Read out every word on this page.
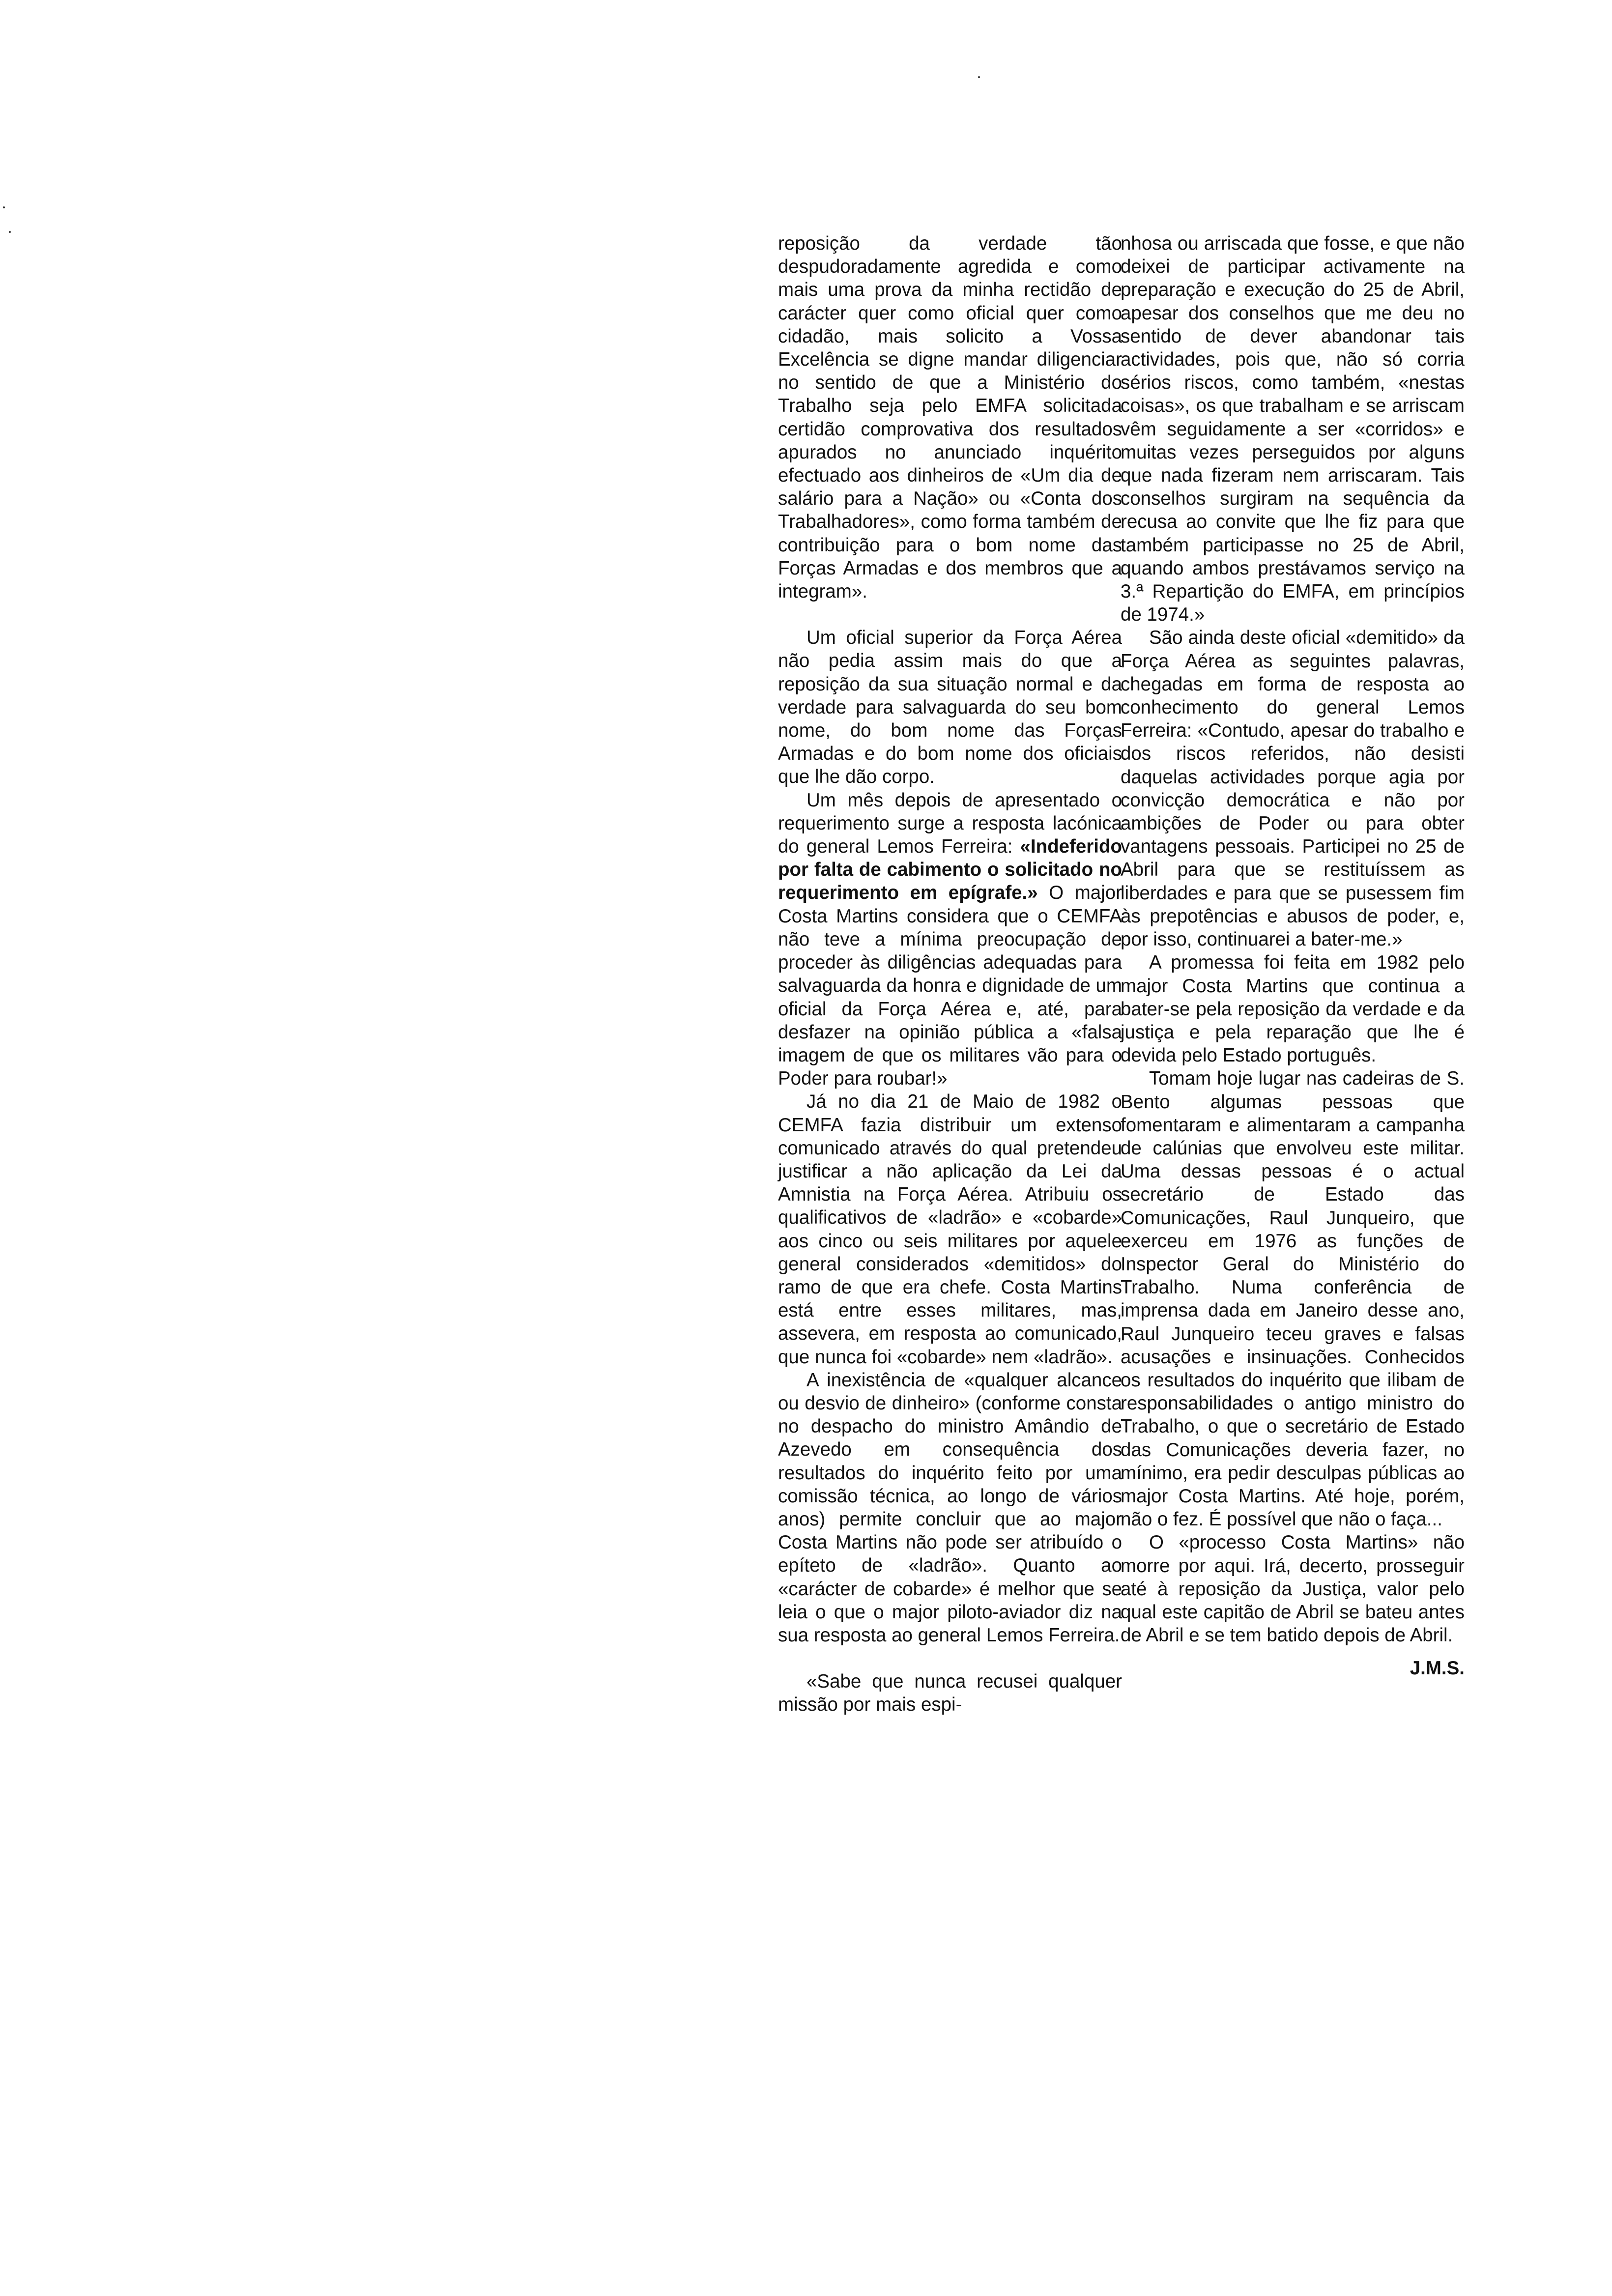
reposição da verdade tão despudoradamente agredida e como mais uma prova da minha rectidão de carácter quer como oficial quer como cidadão, mais solicito a Vossa Excelência se digne mandar diligenciar no sentido de que a Ministério do Trabalho seja pelo EMFA solicitada certidão comprovativa dos resultados apurados no anunciado inquérito efectuado aos dinheiros de «Um dia de salário para a Nação» ou «Conta dos Trabalhadores», como forma também de contribuição para o bom nome das Forças Armadas e dos membros que a integram».

Um oficial superior da Força Aérea não pedia assim mais do que a reposição da sua situação normal e da verdade para salvaguarda do seu bom nome, do bom nome das Forças Armadas e do bom nome dos oficiais que lhe dão corpo.

Um mês depois de apresentado o requerimento surge a resposta lacónica do general Lemos Ferreira: «Indeferido por falta de cabimento o solicitado no requerimento em epígrafe.» O major Costa Martins considera que o CEMFA não teve a mínima preocupação de proceder às diligências adequadas para salvaguarda da honra e dignidade de um oficial da Força Aérea e, até, para desfazer na opinião pública a «falsa imagem de que os militares vão para o Poder para roubar!»

Já no dia 21 de Maio de 1982 o CEMFA fazia distribuir um extenso comunicado através do qual pretendeu justificar a não aplicação da Lei da Amnistia na Força Aérea. Atribuiu os qualificativos de «ladrão» e «cobarde» aos cinco ou seis militares por aquele general considerados «demitidos» do ramo de que era chefe. Costa Martins está entre esses militares, mas, assevera, em resposta ao comunicado, que nunca foi «cobarde» nem «ladrão».

A inexistência de «qualquer alcance ou desvio de dinheiro» (conforme consta no despacho do ministro Amândio de Azevedo em consequência dos resultados do inquérito feito por uma comissão técnica, ao longo de vários anos) permite concluir que ao major Costa Martins não pode ser atribuído o epíteto de «ladrão». Quanto ao «carácter de cobarde» é melhor que se leia o que o major piloto-aviador diz na sua resposta ao general Lemos Ferreira.

«Sabe que nunca recusei qualquer missão por mais espi-

nhosa ou arriscada que fosse, e que não deixei de participar activamente na preparação e execução do 25 de Abril, apesar dos conselhos que me deu no sentido de dever abandonar tais actividades, pois que, não só corria sérios riscos, como também, «nestas coisas», os que trabalham e se arriscam vêm seguidamente a ser «corridos» e muitas vezes perseguidos por alguns que nada fizeram nem arriscaram. Tais conselhos surgiram na sequência da recusa ao convite que lhe fiz para que também participasse no 25 de Abril, quando ambos prestávamos serviço na 3.ª Repartição do EMFA, em princípios de 1974.»

São ainda deste oficial «demitido» da Força Aérea as seguintes palavras, chegadas em forma de resposta ao conhecimento do general Lemos Ferreira: «Contudo, apesar do trabalho e dos riscos referidos, não desisti daquelas actividades porque agia por convicção democrática e não por ambições de Poder ou para obter vantagens pessoais. Participei no 25 de Abril para que se restituíssem as liberdades e para que se pusessem fim às prepotências e abusos de poder, e, por isso, continuarei a bater-me.»

A promessa foi feita em 1982 pelo major Costa Martins que continua a bater-se pela reposição da verdade e da justiça e pela reparação que lhe é devida pelo Estado português.

Tomam hoje lugar nas cadeiras de S. Bento algumas pessoas que fomentaram e alimentaram a campanha de calúnias que envolveu este militar. Uma dessas pessoas é o actual secretário de Estado das Comunicações, Raul Junqueiro, que exerceu em 1976 as funções de Inspector Geral do Ministério do Trabalho. Numa conferência de imprensa dada em Janeiro desse ano, Raul Junqueiro teceu graves e falsas acusações e insinuações. Conhecidos os resultados do inquérito que ilibam de responsabilidades o antigo ministro do Trabalho, o que o secretário de Estado das Comunicações deveria fazer, no mínimo, era pedir desculpas públicas ao major Costa Martins. Até hoje, porém, não o fez. É possível que não o faça...

O «processo Costa Martins» não morre por aqui. Irá, decerto, prosseguir até à reposição da Justiça, valor pelo qual este capitão de Abril se bateu antes de Abril e se tem batido depois de Abril.

J.M.S.
